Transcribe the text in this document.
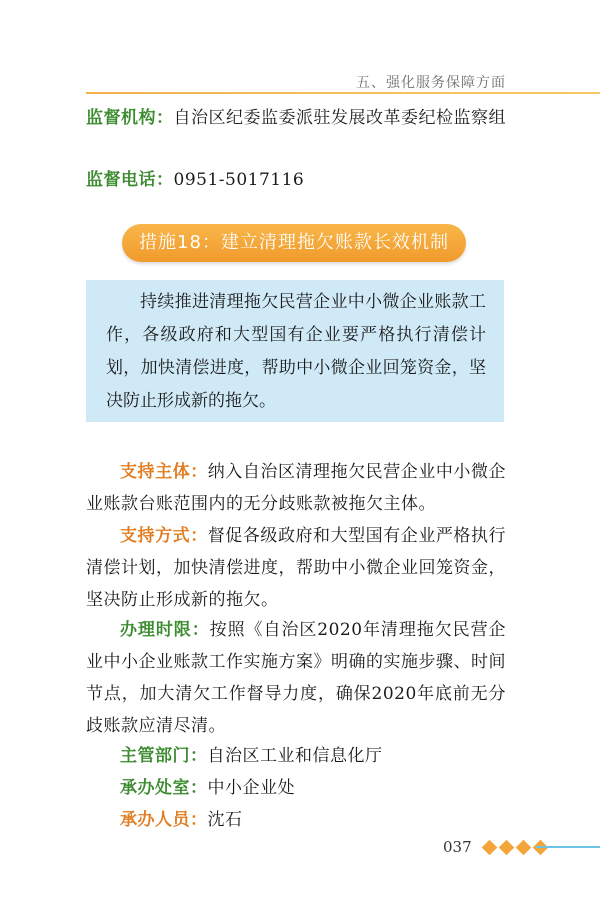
五、强化服务保障方面
监督机构：自治区纪委监委派驻发展改革委纪检监察组
监督电话：0951-5017116
措施18：建立清理拖欠账款长效机制

持续推进清理拖欠民营企业中小微企业账款工作，各级政府和大型国有企业要严格执行清偿计划，加快清偿进度，帮助中小微企业回笼资金，坚决防止形成新的拖欠。

支持主体：纳入自治区清理拖欠民营企业中小微企业账款台账范围内的无分歧账款被拖欠主体。
支持方式：督促各级政府和大型国有企业严格执行清偿计划，加快清偿进度，帮助中小微企业回笼资金，坚决防止形成新的拖欠。
办理时限：按照《自治区2020年清理拖欠民营企业中小企业账款工作实施方案》明确的实施步骤、时间节点，加大清欠工作督导力度，确保2020年底前无分歧账款应清尽清。
主管部门：自治区工业和信息化厅
承办处室：中小企业处
承办人员：沈石
037
